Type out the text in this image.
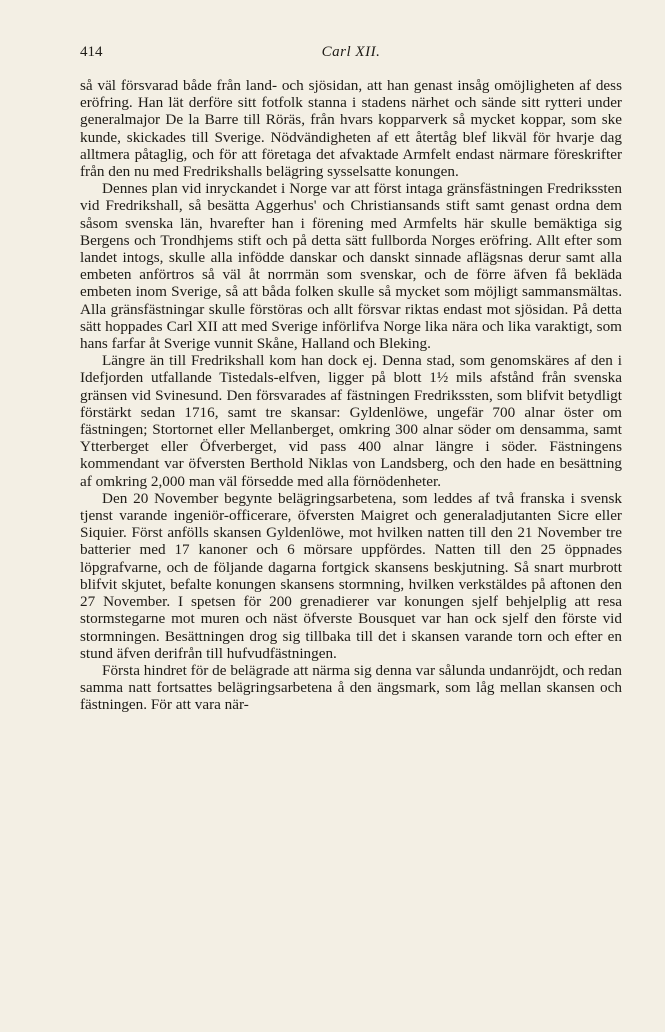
414	Carl XII.

så väl försvarad både från land- och sjösidan, att han genast insåg omöjligheten af dess eröfring. Han lät derföre sitt fotfolk stanna i stadens närhet och sände sitt rytteri under generalmajor De la Barre till Röräs, från hvars kopparverk så mycket koppar, som ske kunde, skickades till Sverige. Nödvändigheten af ett återtåg blef likväl för hvarje dag alltmera påtaglig, och för att företaga det afvaktade Armfelt endast närmare föreskrifter från den nu med Fredrikshalls belägring sysselsatte konungen.

Dennes plan vid inryckandet i Norge var att först intaga gränsfästningen Fredrikssten vid Fredrikshall, så besätta Aggerhus' och Christiansands stift samt genast ordna dem såsom svenska län, hvarefter han i förening med Armfelts här skulle bemäktiga sig Bergens och Trondhjems stift och på detta sätt fullborda Norges eröfring. Allt efter som landet intogs, skulle alla infödde danskar och danskt sinnade aflägsnas derur samt alla embeten anförtros så väl åt norrmän som svenskar, och de förre äfven få bekläda embeten inom Sverige, så att båda folken skulle så mycket som möjligt sammansmältas. Alla gränsfästningar skulle förstöras och allt försvar riktas endast mot sjösidan. På detta sätt hoppades Carl XII att med Sverige införlifva Norge lika nära och lika varaktigt, som hans farfar åt Sverige vunnit Skåne, Halland och Bleking.

Längre än till Fredrikshall kom han dock ej. Denna stad, som genomskäres af den i Idefjorden utfallande Tistedals-elfven, ligger på blott 1½ mils afstånd från svenska gränsen vid Svinesund. Den försvarades af fästningen Fredrikssten, som blifvit betydligt förstärkt sedan 1716, samt tre skansar: Gyldenlöwe, ungefär 700 alnar öster om fästningen; Stortornet eller Mellanberget, omkring 300 alnar söder om densamma, samt Ytterberget eller Öfverberget, vid pass 400 alnar längre i söder. Fästningens kommendant var öfversten Berthold Niklas von Landsberg, och den hade en besättning af omkring 2,000 man väl försedde med alla förnödenheter.

Den 20 November begynte belägringsarbetena, som leddes af två franska i svensk tjenst varande ingeniör-officerare, öfversten Maigret och generaladjutanten Sicre eller Siquier. Först anfölls skansen Gyldenlöwe, mot hvilken natten till den 21 November tre batterier med 17 kanoner och 6 mörsare uppfördes. Natten till den 25 öppnades löpgrafvarne, och de följande dagarna fortgick skansens beskjutning. Så snart murbrott blifvit skjutet, befalte konungen skansens stormning, hvilken verkstäldes på aftonen den 27 November. I spetsen för 200 grenadierer var konungen sjelf behjelplig att resa stormstegarne mot muren och näst öfverste Bousquet var han ock sjelf den förste vid stormningen. Besättningen drog sig tillbaka till det i skansen varande torn och efter en stund äfven derifrån till hufvudfästningen.

Första hindret för de belägrade att närma sig denna var sålunda undanröjdt, och redan samma natt fortsattes belägringsarbetena å den ängsmark, som låg mellan skansen och fästningen. För att vara när-
